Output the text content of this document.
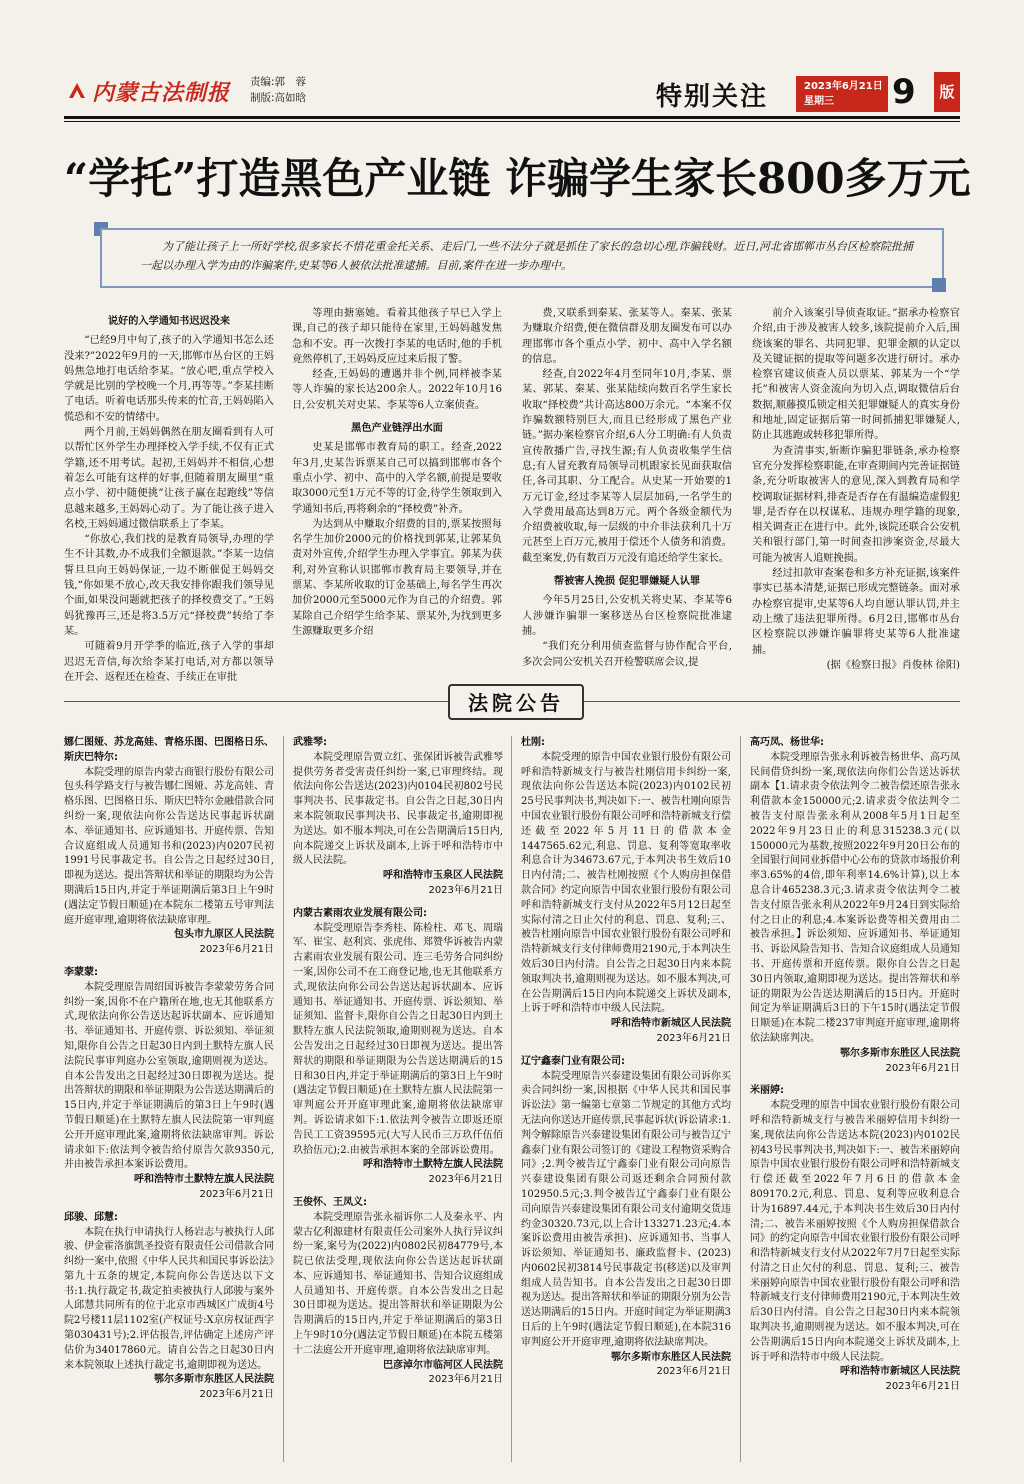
内蒙古法制报 责编:郭　蓉
制版:高如晗	特别关注	2023年6月21日
星期三	9	版
“学托”打造黑色产业链 诈骗学生家长800多万元
为了能让孩子上一所好学校,很多家长不惜花重金托关系、走后门,一些不法分子就是抓住了家长的急切心理,诈骗钱财。近日,河北省邯郸市丛台区检察院批捕一起以办理入学为由的诈骗案件,史某等6人被依法批准逮捕。目前,案件在进一步办理中。
说好的入学通知书迟迟没来

“已经9月中旬了,孩子的入学通知书怎么还没来?”2022年9月的一天,邯郸市丛台区的王妈妈焦急地打电话给李某。“放心吧,重点学校入学就是比别的学校晚一个月,再等等。”李某挂断了电话。听着电话那头传来的忙音,王妈妈陷入慌恐和不安的情绪中。

两个月前,王妈妈偶然在朋友圈看到有人可以帮忙区外学生办理择校入学手续,不仅有正式学籍,还不用考试。起初,王妈妈并不相信,心想着怎么可能有这样的好事,但随着朋友圈里“重点小学、初中随便挑”让孩子赢在起跑线”等信息越来越多,王妈妈心动了。为了能让孩子进入名校,王妈妈通过微信联系上了李某。

“你放心,我们找的是教育局领导,办理的学生不计其数,办不成我们全额退款。”李某一边信誓旦旦向王妈妈保证,一边不断催促王妈妈交钱,“你如果不放心,改天我安排你跟我们领导见个面,如果没问题就把孩子的择校费交了。”王妈妈犹豫再三,还是将3.5万元“择校费”转给了李某。

可随着9月开学季的临近,孩子入学的事却迟迟无音信,每次给李某打电话,对方都以领导在开会、返程还在检查、手续正在审批

等理由搪塞她。看着其他孩子早已入学上课,自己的孩子却只能待在家里,王妈妈越发焦急和不安。再一次拨打李某的电话时,他的手机竟然停机了,王妈妈反应过来后报了警。

经查,王妈妈的遭遇并非个例,同样被李某等人诈骗的家长达200余人。2022年10月16日,公安机关对史某、李某等6人立案侦查。

黑色产业链浮出水面

史某是邯郸市教育局的职工。经查,2022年3月,史某告诉票某自己可以搞到邯郸市各个重点小学、初中、高中的入学名额,前提是要收取3000元至1万元不等的订金,待学生领取到入学通知书后,再将剩余的“择校费”补齐。

为达到从中赚取介绍费的目的,票某按照每名学生加价2000元的价格找到郭某,让郭某负责对外宣传,介绍学生办理入学事宜。郭某为获利,对外宣称认识邯郸市教育局主要领导,并在票某、李某所收取的订金基础上,每名学生再次加价2000元至5000元作为自己的介绍费。郭某除自己介绍学生给李某、票某外,为找到更多生源赚取更多介绍

费,又联系到秦某、张某等人。秦某、张某为赚取介绍费,便在微信群及朋友圈发布可以办理邯郸市各个重点小学、初中、高中入学名额的信息。

经查,自2022年4月至同年10月,李某、票某、郭某、秦某、张某陆续向数百名学生家长收取“择校费”共计高达800万余元。“本案不仅诈骗数额特别巨大,而且已经形成了黑色产业链。”据办案检察官介绍,6人分工明确:有人负责宣传散播广告,寻找生源;有人负责收集学生信息;有人冒充教育局领导司机跟家长见面获取信任,各司其职、分工配合。从史某一开始要的1万元订金,经过李某等人层层加码,一名学生的入学费用最高达到8万元。两个各级金额代为介绍费被收取,每一层级的中介非法获利几十万元甚至上百万元,被用于偿还个人债务和消费。截至案发,仍有数百万元没有追还给学生家长。

帮被害人挽损 促犯罪嫌疑人认罪

今年5月25日,公安机关将史某、李某等6人涉嫌诈骗罪一案移送丛台区检察院批准逮捕。

“我们充分利用侦查监督与协作配合平台,多次会同公安机关召开检警联席会议,提

前介入该案引导侦查取证。”据承办检察官介绍,由于涉及被害人较多,该院提前介入后,围绕该案的罪名、共同犯罪、犯罪金额的认定以及关键证据的提取等问题多次进行研讨。承办检察官建议侦查人员以票某、郭某为一个“学托”和被害人资金流向为切入点,调取微信后台数据,顺藤摸瓜锁定相关犯罪嫌疑人的真实身份和地址,固定证据后第一时间抓捕犯罪嫌疑人,防止其逃跑或转移犯罪所得。

为查清事实,斩断诈骗犯罪链条,承办检察官充分发挥检察职能,在审查期间内完善证据链条,充分听取被害人的意见,深入到教育局和学校调取证据材料,排查是否存在有温编造虚假犯罪,是否存在以权谋私、违规办理学籍的现象,相关调查正在进行中。此外,该院还联合公安机关和银行部门,第一时间查扣涉案资金,尽最大可能为被害人追赃挽损。

经过扣款审查案卷和多方补充证据,该案件事实已基本清楚,证据已形成完整链条。面对承办检察官提审,史某等6人均自愿认罪认罚,并主动上缴了违法犯罪所得。6月2日,邯郸市丛台区检察院以涉嫌诈骗罪将史某等6人批准逮捕。

(据《检察日报》肖俊林 徐阳)

法院公告
娜仁图娅、苏龙高娃、青格乐图、巴图格日乐、斯庆巴特尔:

本院受理的原告内蒙古商银行股份有限公司包头科学路支行与被告娜仁图娅、苏龙高娃、青格乐图、巴图格日乐、斯庆巴特尔金融借款合同纠纷一案,现依法向你公告送达民事起诉状副本、举证通知书、应诉通知书、开庭传票、告知合议庭组成人员通知书和(2023)内0207民初1991号民事裁定书。自公告之日起经过30日,即视为送达。提出答辩状和举证的期限均为公告期满后15日内,并定于举证期满后第3日上午9时(遇法定节假日顺延)在本院东二楼第五号审判法庭开庭审理,逾期将依法缺席审理。

包头市九原区人民法院
2023年6月21日
李蒙蒙:

本院受理原告周绍国诉被告李蒙蒙劳务合同纠纷一案,因你不在户籍所在地,也无其他联系方式,现依法向你公告送达起诉状副本、应诉通知书、举证通知书、开庭传票、诉讼须知、举证须知,限你自公告之日起30日内到土默特左旗人民法院民事审判庭办公室领取,逾期则视为送达。自本公告发出之日起经过30日即视为送达。提出答辩状的期限和举证期限为公告送达期满后的15日内,并定于举证期满后的第3日上午9时(遇节假日顺延)在土默特左旗人民法院第一审判庭公开开庭审理此案,逾期将依法缺席审判。诉讼请求如下:依法判令被告给付原告欠款9350元,并由被告承担本案诉讼费用。

呼和浩特市土默特左旗人民法院
2023年6月21日
邱骏、邱慧:

本院在执行申请执行人杨岩志与被执行人邱骏、伊金霍洛旗凯圣投资有限责任公司借款合同纠纷一案中,依照《中华人民共和国民事诉讼法》第九十五条的规定,本院向你公告送达以下文书:1.执行裁定书,裁定拍卖被执行人邱骏与案外人邱慧共同所有的位于北京市西城区广成街4号院2号楼11层1102室(产权证号:X京房权证西字第030431号);2.评估报告,评估确定上述房产评估价为34017860元。请自公告之日起30日内来本院领取上述执行裁定书,逾期即视为送达。

鄂尔多斯市东胜区人民法院
2023年6月21日
武雅琴:

本院受理原告贾立红、张保团诉被告武雅琴提供劳务者受害责任纠纷一案,已审理终结。现依法向你公告送达(2023)内0104民初802号民事判决书、民事裁定书。自公告之日起,30日内来本院领取民事判决书、民事裁定书,逾期即视为送达。如不服本判决,可在公告期满后15日内,向本院递交上诉状及副本,上诉于呼和浩特市中级人民法院。

呼和浩特市玉泉区人民法院
2023年6月21日
内蒙古素雨农业发展有限公司:

本院受理原告李秀桂、陈检柱、邓飞、周瑞军、崔宝、赵利宾、张虎伟、郑赞华诉被告内蒙古素雨农业发展有限公司、连三毛劳务合同纠纷一案,因你公司不在工商登记地,也无其他联系方式,现依法向你公司公告送达起诉状副本、应诉通知书、举证通知书、开庭传票、诉讼须知、举证须知、监督卡,限你自公告之日起30日内到土默特左旗人民法院领取,逾期则视为送达。自本公告发出之日起经过30日即视为送达。提出答辩状的期限和举证期限为公告送达期满后的15日和30日内,并定于举证期满后的第3日上午9时(遇法定节假日顺延)在土默特左旗人民法院第一审判庭公开开庭审理此案,逾期将依法缺席审判。诉讼请求如下:1.依法判令被告立即返还原告民工工资39595元(大写人民币三万玖仟伍佰玖拾伍元);2.由被告承担本案的全部诉讼费用。

呼和浩特市土默特左旗人民法院
2023年6月21日
王俊怀、王凤义:

本院受理原告张永福诉你二人及秦永平、内蒙古亿利源建材有限责任公司案外人执行异议纠纷一案,案号为(2022)内0802民初84779号,本院已依法受理,现依法向你公告送达起诉状副本、应诉通知书、举证通知书、告知合议庭组成人员通知书、开庭传票。自本公告发出之日起30日即视为送达。提出答辩状和举证期限为公告期满后的15日内,并定于举证期满后的第3日上午9时10分(遇法定节假日顺延)在本院五楼第十二法庭公开开庭审理,逾期将依法缺席审判。

巴彦淖尔市临河区人民法院
2023年6月21日
杜刚:

本院受理的原告中国农业银行股份有限公司呼和浩特新城支行与被告杜刚信用卡纠纷一案,现依法向你公告送达本院(2023)内0102民初25号民事判决书,判决如下:一、被告杜刚向原告中国农业银行股份有限公司呼和浩特新城支行偿还截至2022年5月11日的借款本金1447565.62元,利息、罚息、复利等宽取率收利息合计为34673.67元,于本判决书生效后10日内付清;二、被告杜刚按照《个人购房担保借款合同》约定向原告中国农业银行股份有限公司呼和浩特新城支行支付从2022年5月12日起至实际付清之日止欠付的利息、罚息、复利;三、被告杜刚向原告中国农业银行股份有限公司呼和浩特新城支行支付律师费用2190元,于本判决生效后30日内付清。自公告之日起30日内来本院领取判决书,逾期则视为送达。如不服本判决,可在公告期满后15日内向本院递交上诉状及副本,上诉于呼和浩特市中级人民法院。

呼和浩特市新城区人民法院
2023年6月21日
辽宁鑫泰门业有限公司:

本院受理原告兴泰建设集团有限公司诉你买卖合同纠纷一案,因根据《中华人民共和国民事诉讼法》第一编第七章第二节规定的其他方式均无法向你送达开庭传票,民事起诉状(诉讼请求:1.判令解除原告兴泰建设集团有限公司与被告辽宁鑫泰门业有限公司签订的《建设工程物资采购合同》;2.判令被告辽宁鑫泰门业有限公司向原告兴泰建设集团有限公司返还剩余合同预付款102950.5元;3.判令被告辽宁鑫泰门业有限公司向原告兴泰建设集团有限公司支付逾期交货违约金30320.73元,以上合计133271.23元;4.本案诉讼费用由被告承担)、应诉通知书、当事人诉讼须知、举证通知书、廉政监督卡、(2023)内0602民初3814号民事裁定书(移送)以及审判组成人员告知书。自本公告发出之日起30日即视为送达。提出答辩状和举证的期限分别为公告送达期满后的15日内。开庭时间定为举证期满3日后的上午9时(遇法定节假日顺延),在本院316审判庭公开开庭审理,逾期将依法缺席判决。

鄂尔多斯市东胜区人民法院
2023年6月21日
高巧凤、杨世华:

本院受理原告张永利诉被告杨世华、高巧凤民间借贷纠纷一案,现依法向你们公告送达诉状副本【1.请求责令依法判令二被告偿还原告张永利借款本金150000元;2.请求责令依法判令二被告支付原告张永利从2008年5月1日起至2022年9月23日止的利息315238.3元(以150000元为基数,按照2022年9月20日公布的全国银行间同业拆借中心公布的贷款市场报价利率3.65%的4倍,即年利率14.6%计算),以上本息合计465238.3元;3.请求责令依法判令二被告支付原告张永利从2022年9月24日到实际给付之日止的利息;4.本案诉讼费等相关费用由二被告承担。】诉讼须知、应诉通知书、举证通知书、诉讼风险告知书、告知合议庭组成人员通知书、开庭传票和开庭传票。限你自公告之日起30日内领取,逾期即视为送达。提出答辩状和举证的期限为公告送达期满后的15日内。开庭时间定为举证期满后3日的下午15时(遇法定节假日顺延)在本院二楼237审判庭开庭审理,逾期将依法缺席判决。

鄂尔多斯市东胜区人民法院
2023年6月21日
米丽婷:

本院受理的原告中国农业银行股份有限公司呼和浩特新城支行与被告米丽婷信用卡纠纷一案,现依法向你公告送达本院(2023)内0102民初43号民事判决书,判决如下:一、被告米丽婷向原告中国农业银行股份有限公司呼和浩特新城支行偿还截至2022年7月6日的借款本金809170.2元,利息、罚息、复利等应收利息合计为16897.44元,于本判决书生效后30日内付清;二、被告米丽婷按照《个人购房担保借款合同》的约定向原告中国农业银行股份有限公司呼和浩特新城支行支付从2022年7月7日起至实际付清之日止欠付的利息、罚息、复利;三、被告米丽婷向原告中国农业银行股份有限公司呼和浩特新城支行支付律师费用2190元,于本判决生效后30日内付清。自公告之日起30日内来本院领取判决书,逾期则视为送达。如不服本判决,可在公告期满后15日内向本院递交上诉状及副本,上诉于呼和浩特市中级人民法院。

呼和浩特市新城区人民法院
2023年6月21日
